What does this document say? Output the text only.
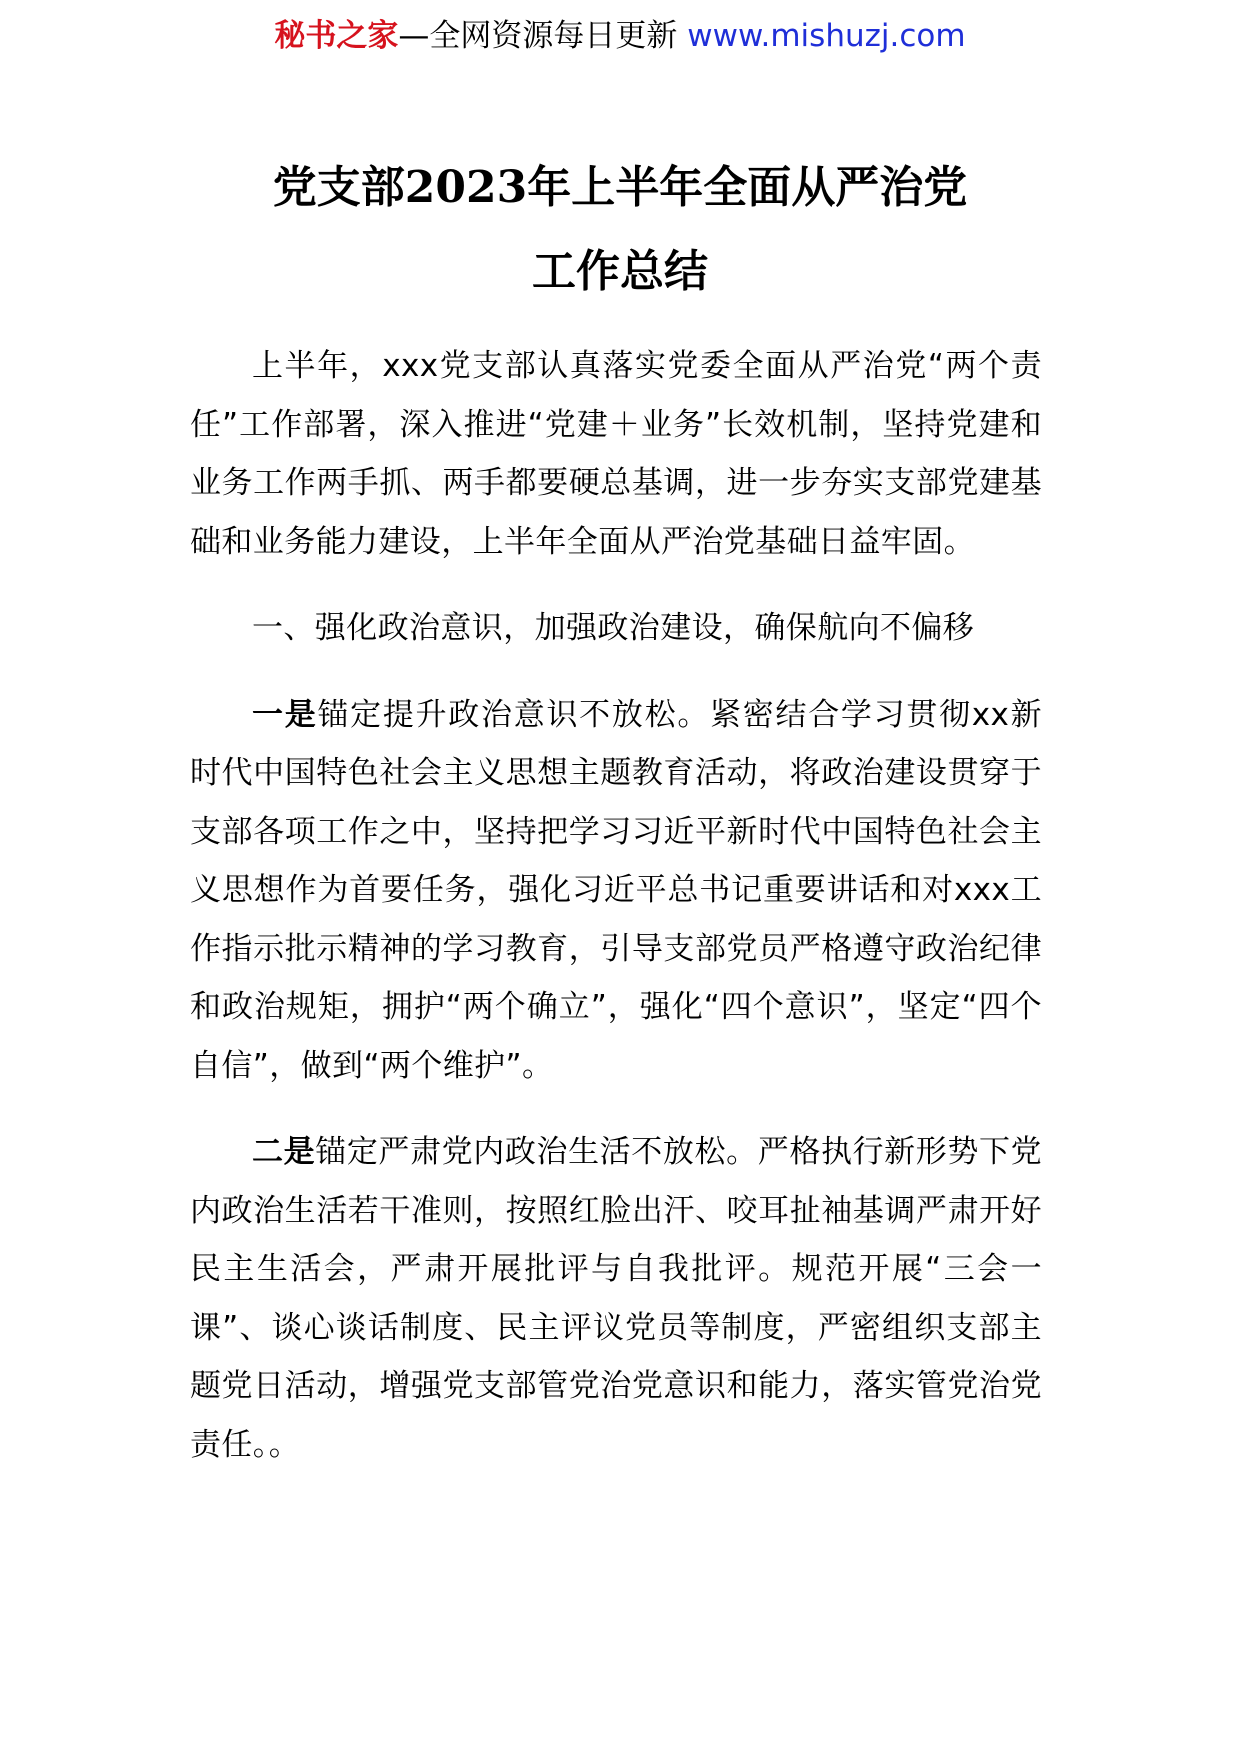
秘书之家—全网资源每日更新 www.mishuzj.com
党支部2023年上半年全面从严治党
工作总结

上半年，xxx党支部认真落实党委全面从严治党“两个责任”工作部署，深入推进“党建＋业务”长效机制，坚持党建和业务工作两手抓、两手都要硬总基调，进一步夯实支部党建基础和业务能力建设，上半年全面从严治党基础日益牢固。

一、强化政治意识，加强政治建设，确保航向不偏移

一是锚定提升政治意识不放松。紧密结合学习贯彻xx新时代中国特色社会主义思想主题教育活动，将政治建设贯穿于支部各项工作之中，坚持把学习习近平新时代中国特色社会主义思想作为首要任务，强化习近平总书记重要讲话和对xxx工作指示批示精神的学习教育，引导支部党员严格遵守政治纪律和政治规矩，拥护“两个确立”，强化“四个意识”，坚定“四个自信”，做到“两个维护”。

二是锚定严肃党内政治生活不放松。严格执行新形势下党内政治生活若干准则，按照红脸出汗、咬耳扯袖基调严肃开好民主生活会，严肃开展批评与自我批评。规范开展“三会一课”、谈心谈话制度、民主评议党员等制度，严密组织支部主题党日活动，增强党支部管党治党意识和能力，落实管党治党责任。。
